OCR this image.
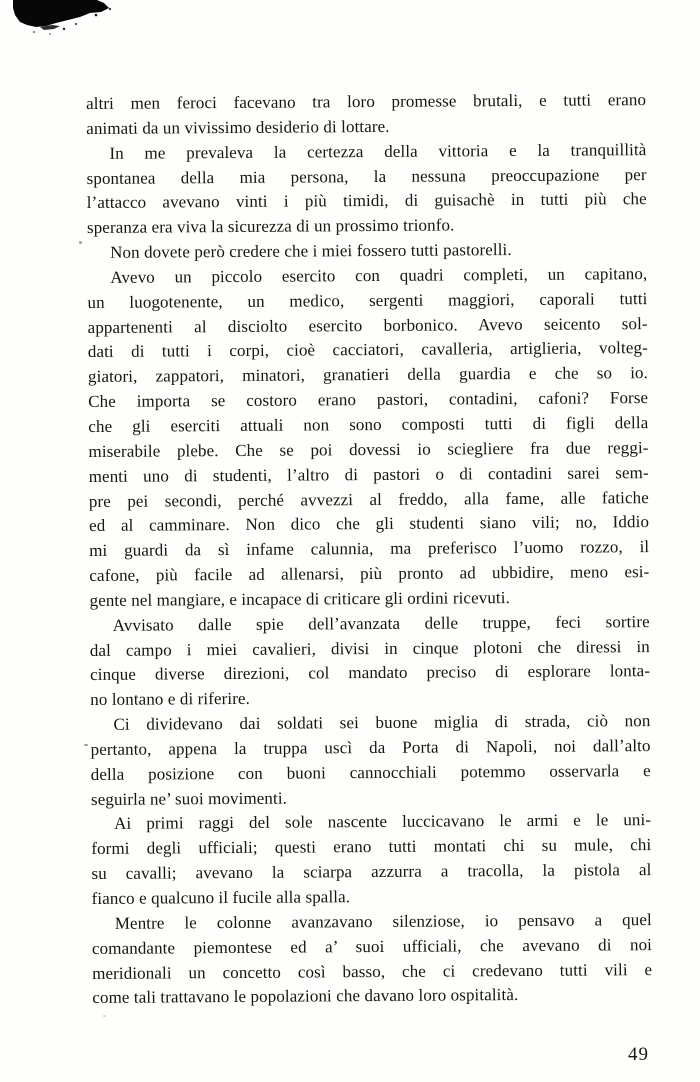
altri men feroci facevano tra loro promesse brutali, e tutti erano
animati da un vivissimo desiderio di lottare.
In me prevaleva la certezza della vittoria e la tranquillità
spontanea della mia persona, la nessuna preoccupazione per
l’attacco avevano vinti i più timidi, di guisachè in tutti più che
speranza era viva la sicurezza di un prossimo trionfo.
Non dovete però credere che i miei fossero tutti pastorelli.
Avevo un piccolo esercito con quadri completi, un capitano,
un luogotenente, un medico, sergenti maggiori, caporali tutti
appartenenti al disciolto esercito borbonico. Avevo seicento sol-
dati di tutti i corpi, cioè cacciatori, cavalleria, artiglieria, volteg-
giatori, zappatori, minatori, granatieri della guardia e che so io.
Che importa se costoro erano pastori, contadini, cafoni? Forse
che gli eserciti attuali non sono composti tutti di figli della
miserabile plebe. Che se poi dovessi io sciegliere fra due reggi-
menti uno di studenti, l’altro di pastori o di contadini sarei sem-
pre pei secondi, perché avvezzi al freddo, alla fame, alle fatiche
ed al camminare. Non dico che gli studenti siano vili; no, Iddio
mi guardi da sì infame calunnia, ma preferisco l’uomo rozzo, il
cafone, più facile ad allenarsi, più pronto ad ubbidire, meno esi-
gente nel mangiare, e incapace di criticare gli ordini ricevuti.
Avvisato dalle spie dell’avanzata delle truppe, feci sortire
dal campo i miei cavalieri, divisi in cinque plotoni che diressi in
cinque diverse direzioni, col mandato preciso di esplorare lonta-
no lontano e di riferire.
Ci dividevano dai soldati sei buone miglia di strada, ciò non
pertanto, appena la truppa uscì da Porta di Napoli, noi dall’alto
della posizione con buoni cannocchiali potemmo osservarla e
seguirla ne’ suoi movimenti.
Ai primi raggi del sole nascente luccicavano le armi e le uni-
formi degli ufficiali; questi erano tutti montati chi su mule, chi
su cavalli; avevano la sciarpa azzurra a tracolla, la pistola al
fianco e qualcuno il fucile alla spalla.
Mentre le colonne avanzavano silenziose, io pensavo a quel
comandante piemontese ed a’ suoi ufficiali, che avevano di noi
meridionali un concetto così basso, che ci credevano tutti vili e
come tali trattavano le popolazioni che davano loro ospitalità.
49
